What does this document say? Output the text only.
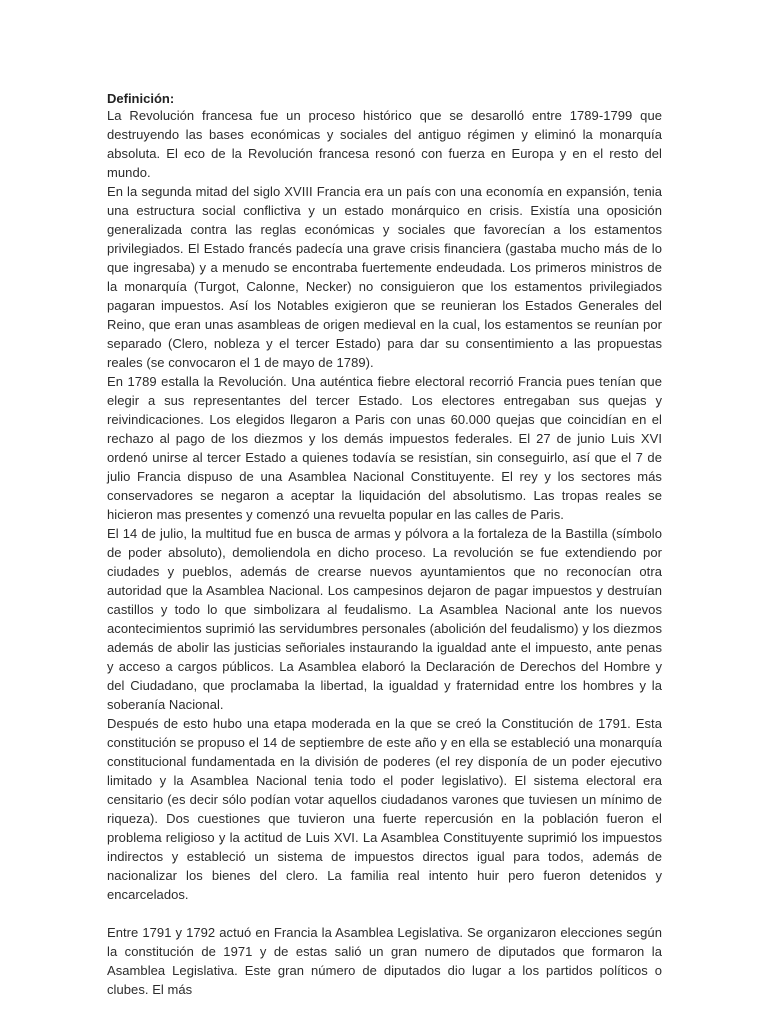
Definición:

La Revolución francesa fue un proceso histórico que se desarolló entre 1789-1799 que destruyendo las bases económicas y sociales del antiguo régimen y eliminó la monarquía absoluta. El eco de la Revolución francesa resonó con fuerza en Europa y en el resto del mundo.

En la segunda mitad del siglo XVIII Francia era un país con una economía en expansión, tenia una estructura social conflictiva y un estado monárquico en crisis. Existía una oposición generalizada contra las reglas económicas y sociales que favorecían a los estamentos privilegiados. El Estado francés padecía una grave crisis financiera (gastaba mucho más de lo que ingresaba) y a menudo se encontraba fuertemente endeudada. Los primeros ministros de la monarquía (Turgot, Calonne, Necker) no consiguieron que los estamentos privilegiados pagaran impuestos. Así los Notables exigieron que se reunieran los Estados Generales del Reino, que eran unas asambleas de origen medieval en la cual, los estamentos se reunían por separado (Clero, nobleza y el tercer Estado) para dar su consentimiento a las propuestas reales (se convocaron el 1 de mayo de 1789).

En 1789 estalla la Revolución. Una auténtica fiebre electoral recorrió Francia pues tenían que elegir a sus representantes del tercer Estado. Los electores entregaban sus quejas y reivindicaciones. Los elegidos llegaron a Paris con unas 60.000 quejas que coincidían en el rechazo al pago de los diezmos y los demás impuestos federales. El 27 de junio Luis XVI ordenó unirse al tercer Estado a quienes todavía se resistían, sin conseguirlo, así que el 7 de julio Francia dispuso de una Asamblea Nacional Constituyente. El rey y los sectores más conservadores se negaron a aceptar la liquidación del absolutismo. Las tropas reales se hicieron mas presentes y comenzó una revuelta popular en las calles de Paris.

El 14 de julio, la multitud fue en busca de armas y pólvora a la fortaleza de la Bastilla (símbolo de poder absoluto), demoliendola en dicho proceso. La revolución se fue extendiendo por ciudades y pueblos, además de crearse nuevos ayuntamientos que no reconocían otra autoridad que la Asamblea Nacional. Los campesinos dejaron de pagar impuestos y destruían castillos y todo lo que simbolizara al feudalismo. La Asamblea Nacional ante los nuevos acontecimientos suprimió las servidumbres personales (abolición del feudalismo) y los diezmos además de abolir las justicias señoriales instaurando la igualdad ante el impuesto, ante penas y acceso a cargos públicos. La Asamblea elaboró la Declaración de Derechos del Hombre y del Ciudadano, que proclamaba la libertad, la igualdad y fraternidad entre los hombres y la soberanía Nacional.

Después de esto hubo una etapa moderada en la que se creó la Constitución de 1791. Esta constitución se propuso el 14 de septiembre de este año y en ella se estableció una monarquía constitucional fundamentada en la división de poderes (el rey disponía de un poder ejecutivo limitado y la Asamblea Nacional tenia todo el poder legislativo). El sistema electoral era censitario (es decir sólo podían votar aquellos ciudadanos varones que tuviesen un mínimo de riqueza). Dos cuestiones que tuvieron una fuerte repercusión en la población fueron el problema religioso y la actitud de Luis XVI. La Asamblea Constituyente suprimió los impuestos indirectos y estableció un sistema de impuestos directos igual para todos, además de nacionalizar los bienes del clero. La familia real intento huir pero fueron detenidos y encarcelados.

Entre 1791 y 1792 actuó en Francia la Asamblea Legislativa. Se organizaron elecciones según la constitución de 1971 y de estas salió un gran numero de diputados que formaron la Asamblea Legislativa. Este gran número de diputados dio lugar a los partidos políticos o clubes. El más
